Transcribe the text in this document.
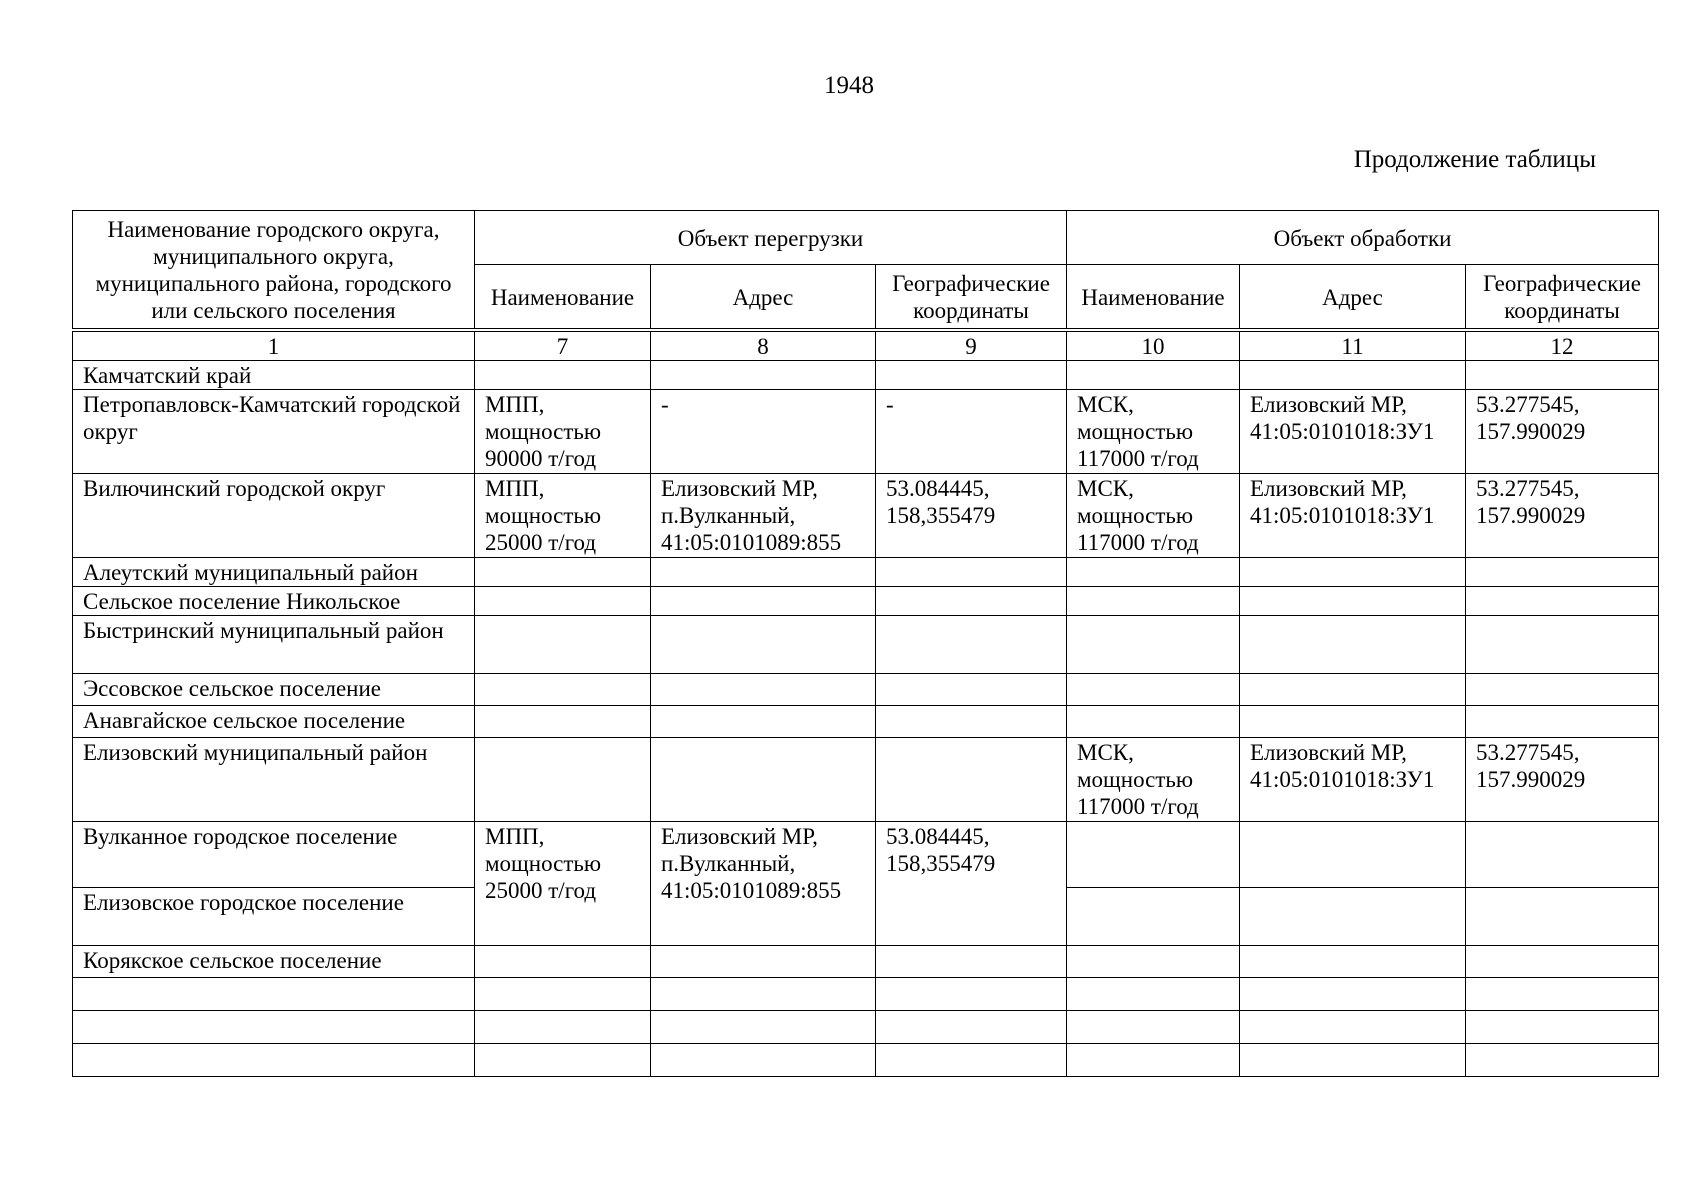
1948
Продолжение таблицы
Наименование городского округа, муниципального округа, муниципального района, городского или сельского поселения	Объект перегрузки			Объект обработки		
	Наименование	Адрес	Географические координаты	Наименование	Адрес	Географические координаты
1	7	8	9	10	11	12
Камчатский край						
Петропавловск-Камчатский городской округ	МПП, мощностью 90000 т/год	-	-	МСК, мощностью 117000 т/год	Елизовский МР, 41:05:0101018:ЗУ1	53.277545, 157.990029
Вилючинский городской округ	МПП, мощностью 25000 т/год	Елизовский МР, п.Вулканный, 41:05:0101089:855	53.084445, 158,355479	МСК, мощностью 117000 т/год	Елизовский МР, 41:05:0101018:ЗУ1	53.277545, 157.990029
Алеутский муниципальный район						
Сельское поселение Никольское						
Быстринский муниципальный район						
Эссовское сельское поселение						
Анавгайское сельское поселение						
Елизовский муниципальный район				МСК, мощностью 117000 т/год	Елизовский МР, 41:05:0101018:ЗУ1	53.277545, 157.990029
Вулканное городское поселение	МПП, мощностью 25000 т/год	Елизовский МР, п.Вулканный, 41:05:0101089:855	53.084445, 158,355479			
Елизовское городское поселение						
Корякское сельское поселение						
